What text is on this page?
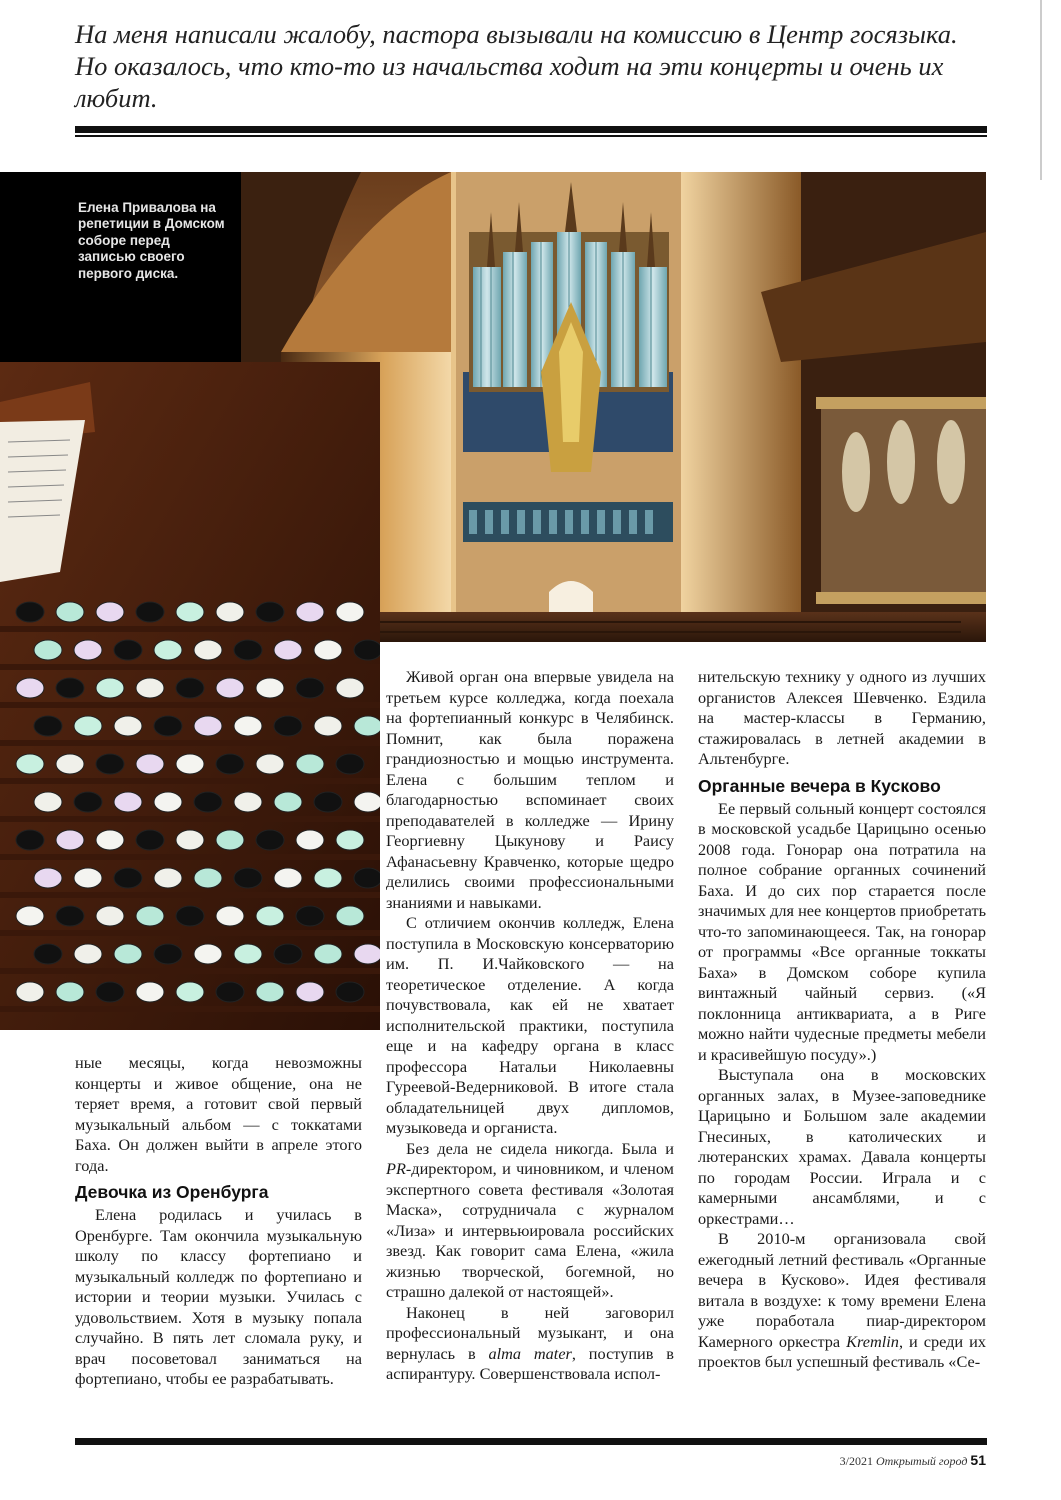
На меня написали жалобу, пастора вызывали на комиссию в Центр госязыка. Но оказалось, что кто-то из начальства ходит на эти концерты и очень их любит.

Елена Привалова на репетиции в Домском соборе перед записью своего первого диска.

ные месяцы, когда невозможны концерты и живое общение, она не теряет время, а готовит свой первый музыкальный альбом — с токкатами Баха. Он должен выйти в апреле этого года.

Девочка из Оренбурга

Елена родилась и училась в Оренбурге. Там окончила музыкальную школу по классу фортепиано и музыкальный колледж по фортепиано и истории и теории музыки. Училась с удовольствием. Хотя в музыку попала случайно. В пять лет сломала руку, и врач посоветовал заниматься на фортепиано, чтобы ее разрабатывать.

Живой орган она впервые увидела на третьем курсе колледжа, когда поехала на фортепианный конкурс в Челябинск. Помнит, как была поражена грандиозностью и мощью инструмента. Елена с большим теплом и благодарностью вспоминает своих преподавателей в колледже — Ирину Георгиевну Цыкунову и Раису Афанасьевну Кравченко, которые щедро делились своими профессиональными знаниями и навыками.

С отличием окончив колледж, Елена поступила в Московскую консерваторию им. П. И.Чайковского — на теоретическое отделение. А когда почувствовала, как ей не хватает исполнительской практики, поступила еще и на кафедру органа в класс профессора Натальи Николаевны Гуреевой-Ведерниковой. В итоге стала обладательницей двух дипломов, музыковеда и органиста.

Без дела не сидела никогда. Была и PR-директором, и чиновником, и членом экспертного совета фестиваля «Золотая Маска», сотрудничала с журналом «Лиза» и интервьюировала российских звезд. Как говорит сама Елена, «жила жизнью творческой, богемной, но страшно далекой от настоящей».

Наконец в ней заговорил профессиональный музыкант, и она вернулась в alma mater, поступив в аспирантуру. Совершенствовала испол-

нительскую технику у одного из лучших органистов Алексея Шевченко. Ездила на мастер-классы в Германию, стажировалась в летней академии в Альтенбурге.

Органные вечера в Кусково

Ее первый сольный концерт состоялся в московской усадьбе Царицыно осенью 2008 года. Гонорар она потратила на полное собрание органных сочинений Баха. И до сих пор старается после значимых для нее концертов приобретать что-то запоминающееся. Так, на гонорар от программы «Все органные токкаты Баха» в Домском соборе купила винтажный чайный сервиз. («Я поклонница антиквариата, а в Риге можно найти чудесные предметы мебели и красивейшую посуду».)

Выступала она в московских органных залах, в Музее-заповеднике Царицыно и Большом зале академии Гнесиных, в католических и лютеранских храмах. Давала концерты по городам России. Играла и с камерными ансамблями, и с оркестрами…

В 2010-м организовала свой ежегодный летний фестиваль «Органные вечера в Кусково». Идея фестиваля витала в воздухе: к тому времени Елена уже поработала пиар-директором Камерного оркестра Kremlin, и среди их проектов был успешный фестиваль «Се-

3/2021 Открытый город 51
